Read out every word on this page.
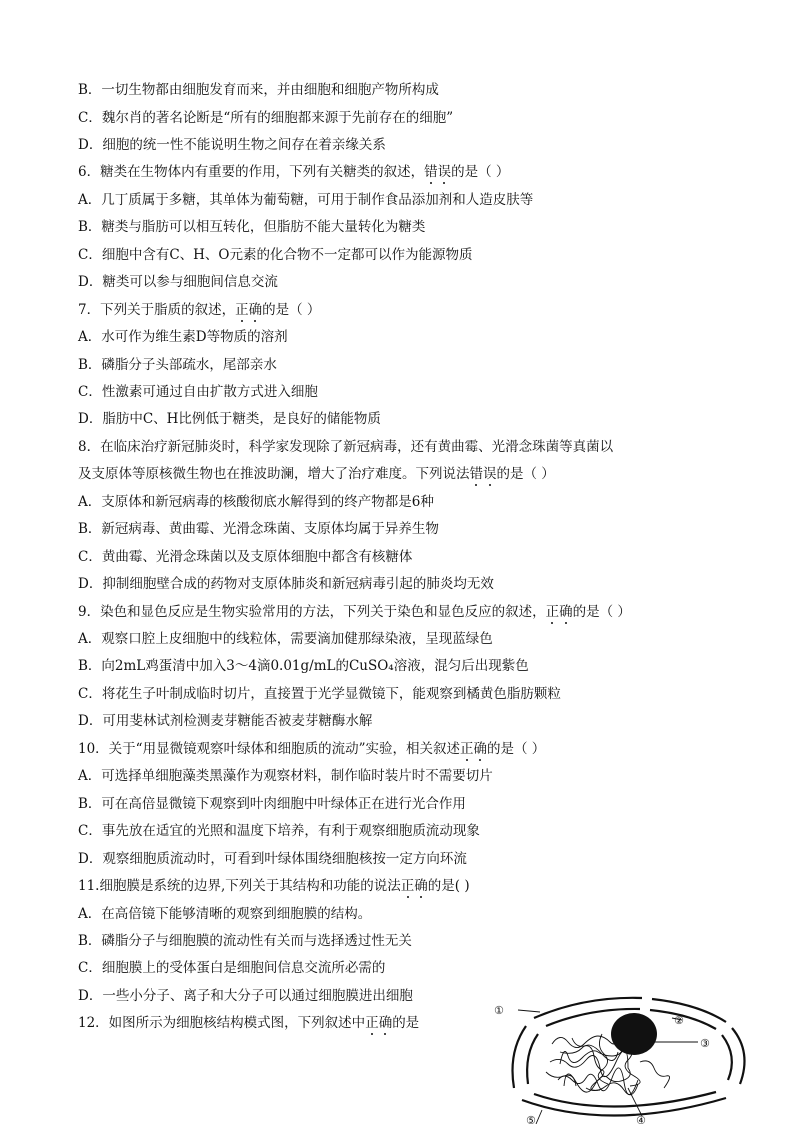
B．一切生物都由细胞发育而来，并由细胞和细胞产物所构成
C．魏尔肖的著名论断是“所有的细胞都来源于先前存在的细胞”
D．细胞的统一性不能说明生物之间存在着亲缘关系
6．糖类在生物体内有重要的作用，下列有关糖类的叙述，错误的是（ ）
A．几丁质属于多糖，其单体为葡萄糖，可用于制作食品添加剂和人造皮肤等
B．糖类与脂肪可以相互转化，但脂肪不能大量转化为糖类
C．细胞中含有C、H、O元素的化合物不一定都可以作为能源物质
D．糖类可以参与细胞间信息交流
7．下列关于脂质的叙述，正确的是（ ）
A．水可作为维生素D等物质的溶剂
B．磷脂分子头部疏水，尾部亲水
C．性激素可通过自由扩散方式进入细胞
D．脂肪中C、H比例低于糖类，是良好的储能物质
8．在临床治疗新冠肺炎时，科学家发现除了新冠病毒，还有黄曲霉、光滑念珠菌等真菌以
及支原体等原核微生物也在推波助澜，增大了治疗难度。下列说法错误的是（ ）
A．支原体和新冠病毒的核酸彻底水解得到的终产物都是6种
B．新冠病毒、黄曲霉、光滑念珠菌、支原体均属于异养生物
C．黄曲霉、光滑念珠菌以及支原体细胞中都含有核糖体
D．抑制细胞壁合成的药物对支原体肺炎和新冠病毒引起的肺炎均无效
9．染色和显色反应是生物实验常用的方法，下列关于染色和显色反应的叙述，正确的是（ ）
A．观察口腔上皮细胞中的线粒体，需要滴加健那绿染液，呈现蓝绿色
B．向2mL鸡蛋清中加入3～4滴0.01g/mL的CuSO₄溶液，混匀后出现紫色
C．将花生子叶制成临时切片，直接置于光学显微镜下，能观察到橘黄色脂肪颗粒
D．可用斐林试剂检测麦芽糖能否被麦芽糖酶水解
10．关于“用显微镜观察叶绿体和细胞质的流动”实验，相关叙述正确的是（ ）
A．可选择单细胞藻类黑藻作为观察材料，制作临时装片时不需要切片
B．可在高倍显微镜下观察到叶肉细胞中叶绿体正在进行光合作用
C．事先放在适宜的光照和温度下培养，有利于观察细胞质流动现象
D．观察细胞质流动时，可看到叶绿体围绕细胞核按一定方向环流
11.细胞膜是系统的边界,下列关于其结构和功能的说法正确的是( )
A．在高倍镜下能够清晰的观察到细胞膜的结构。
B．磷脂分子与细胞膜的流动性有关而与选择透过性无关
C．细胞膜上的受体蛋白是细胞间信息交流所必需的
D．一些小分子、离子和大分子可以通过细胞膜进出细胞
12．如图所示为细胞核结构模式图，下列叙述中正确的是
①
②
③
④
⑤
